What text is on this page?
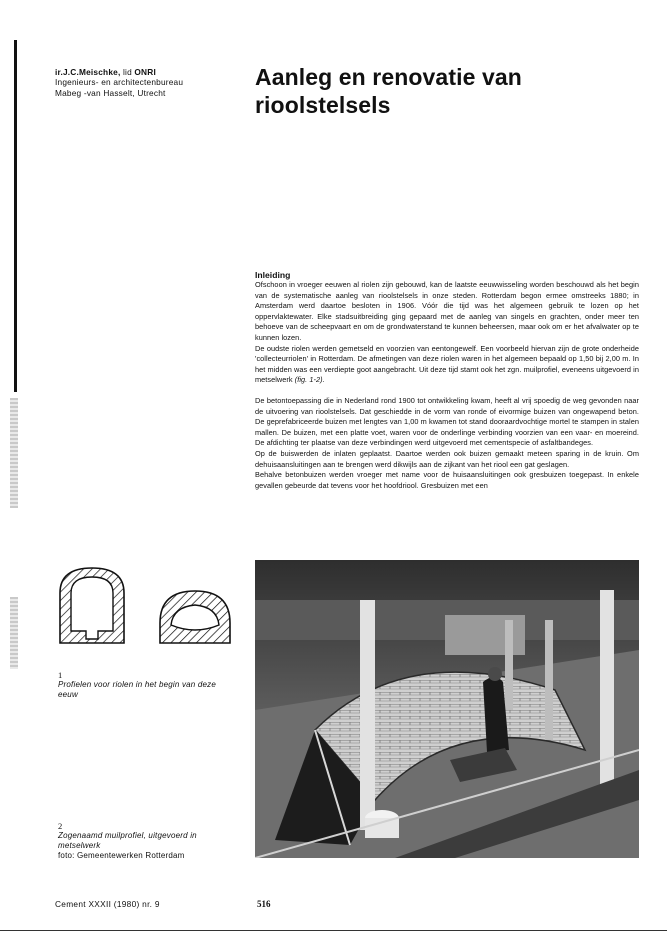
ir.J.C.Meischke, lid ONRI
Ingenieurs- en architectenbureau
Mabeg -van Hasselt, Utrecht
Aanleg en renovatie van rioolstelsels
Inleiding

Ofschoon in vroeger eeuwen al riolen zijn gebouwd, kan de laatste eeuwwisseling worden beschouwd als het begin van de systematische aanleg van rioolstelsels in onze steden. Rotterdam begon ermee omstreeks 1880; in Amsterdam werd daartoe besloten in 1906. Vóór die tijd was het algemeen gebruik te lozen op het oppervlaktewater. Elke stadsuitbreiding ging gepaard met de aanleg van singels en grachten, onder meer ten behoeve van de scheepvaart en om de grondwaterstand te kunnen beheersen, maar ook om er het afvalwater op te kunnen lozen.

De oudste riolen werden gemetseld en voorzien van eentongewelf. Een voorbeeld hiervan zijn de grote onderheide 'collecteurriolen' in Rotterdam. De afmetingen van deze riolen waren in het algemeen bepaald op 1,50 bij 2,00 m. In het midden was een verdiepte goot aangebracht. Uit deze tijd stamt ook het zgn. muilprofiel, eveneens uitgevoerd in metselwerk (fig. 1-2).

De betontoepassing die in Nederland rond 1900 tot ontwikkeling kwam, heeft al vrij spoedig de weg gevonden naar de uitvoering van rioolstelsels. Dat geschiedde in de vorm van ronde of eivormige buizen van ongewapend beton. De geprefabriceerde buizen met lengtes van 1,00 m kwamen tot stand dooraardvochtige mortel te stampen in stalen mallen. De buizen, met een platte voet, waren voor de onderlinge verbinding voorzien van een vaar- en moereind. De afdichting ter plaatse van deze verbindingen werd uitgevoerd met cementspecie of asfaltbandeges.

Op de buiswerden de inlaten geplaatst. Daartoe werden ook buizen gemaakt meteen sparing in de kruin. Om dehuisaansluitingen aan te brengen werd dikwijls aan de zijkant van het riool een gat geslagen.

Behalve betonbuizen werden vroeger met name voor de huisaansluitingen ook gresbuizen toegepast. In enkele gevallen gebeurde dat tevens voor het hoofdriool. Gresbuizen met een

1
Profielen voor riolen in het begin van deze eeuw
2
Zogenaamd muilprofiel, uitgevoerd in metselwerk
foto: Gemeentewerken Rotterdam
Cement XXXII (1980) nr. 9	516
